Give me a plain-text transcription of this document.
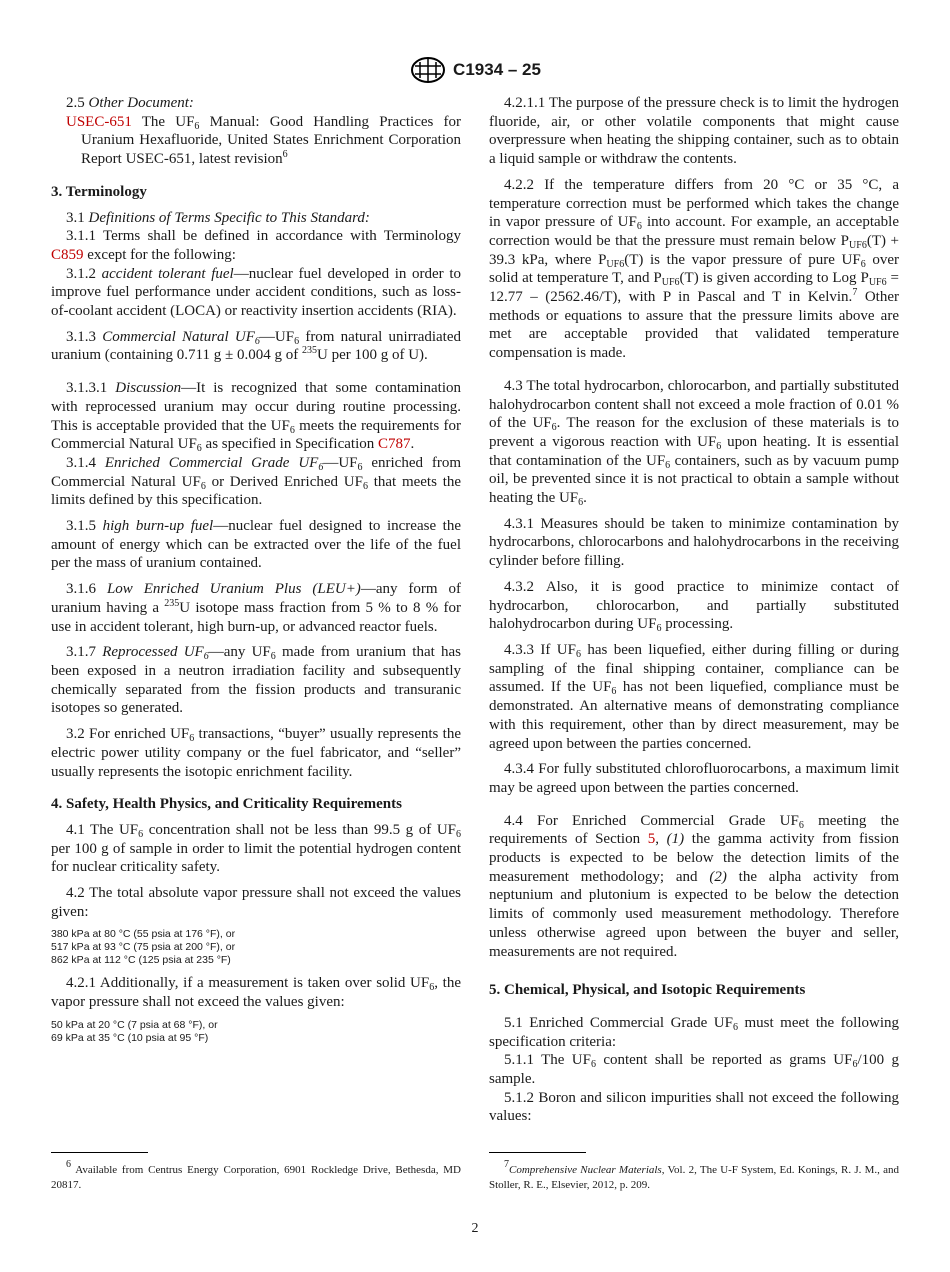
C1934 – 25

2.5 Other Document:

USEC-651 The $UF_6$ Manual: Good Handling Practices for Uranium Hexafluoride, United States Enrichment Corporation Report USEC-651, latest revision$^6$

3. Terminology

3.1 Definitions of Terms Specific to This Standard:

3.1.1 Terms shall be defined in accordance with Terminology C859 except for the following:

3.1.2 accident tolerant fuel—nuclear fuel developed in order to improve fuel performance under accident conditions, such as loss-of-coolant accident (LOCA) or reactivity insertion accidents (RIA).

3.1.3 Commercial Natural $UF_6—UF_6$ from natural unirradiated uranium (containing 0.711 g ± 0.004 g of $^{235}$U per 100 g of U).

3.1.3.1 Discussion—It is recognized that some contamination with reprocessed uranium may occur during routine processing. This is acceptable provided that the $UF_6$ meets the requirements for Commercial Natural $UF_6$ as specified in Specification C787.

3.1.4 Enriched Commercial Grade $UF_6—UF_6$ enriched from Commercial Natural $UF_6$ or Derived Enriched $UF_6$ that meets the limits defined by this specification.

3.1.5 high burn-up fuel—nuclear fuel designed to increase the amount of energy which can be extracted over the life of the fuel per the mass of uranium contained.

3.1.6 Low Enriched Uranium Plus (LEU+)—any form of uranium having a $^{235}$U isotope mass fraction from 5 % to 8 % for use in accident tolerant, high burn-up, or advanced reactor fuels.

3.1.7 Reprocessed $UF_6—any$ $UF_6$ made from uranium that has been exposed in a neutron irradiation facility and subsequently chemically separated from the fission products and transuranic isotopes so generated.

3.2 For enriched $UF_6$ transactions, “buyer” usually represents the electric power utility company or the fuel fabricator, and “seller” usually represents the isotopic enrichment facility.

4. Safety, Health Physics, and Criticality Requirements

4.1 The $UF_6$ concentration shall not be less than 99.5 g of $UF_6$ per 100 g of sample in order to limit the potential hydrogen content for nuclear criticality safety.

4.2 The total absolute vapor pressure shall not exceed the values given:

380 kPa at 80 °C (55 psia at 176 °F), or
517 kPa at 93 °C (75 psia at 200 °F), or
862 kPa at 112 °C (125 psia at 235 °F)

4.2.1 Additionally, if a measurement is taken over solid $UF_6$, the vapor pressure shall not exceed the values given:

50 kPa at 20 °C (7 psia at 68 °F), or
69 kPa at 35 °C (10 psia at 95 °F)

4.2.1.1 The purpose of the pressure check is to limit the hydrogen fluoride, air, or other volatile components that might cause overpressure when heating the shipping container, such as to obtain a liquid sample or withdraw the contents.

4.2.2 If the temperature differs from 20 °C or 35 °C, a temperature correction must be performed which takes the change in vapor pressure of $UF_6$ into account. For example, an acceptable correction would be that the pressure must remain below $P_{UF6}(T) + 39.3$ kPa, where $P_{UF6}(T)$ is the vapor pressure of pure $UF_6$ over solid at temperature T, and $P_{UF6}(T)$ is given according to Log $P_{UF6} = 12.77 - (2562.46/T)$, with P in Pascal and T in Kelvin.$^7$ Other methods or equations to assure that the pressure limits above are met are acceptable provided that validated temperature compensation is made.

4.3 The total hydrocarbon, chlorocarbon, and partially substituted halohydrocarbon content shall not exceed a mole fraction of 0.01 % of the $UF_6$. The reason for the exclusion of these materials is to prevent a vigorous reaction with $UF_6$ upon heating. It is essential that contamination of the $UF_6$ containers, such as by vacuum pump oil, be prevented since it is not practical to obtain a sample without heating the $UF_6$.

4.3.1 Measures should be taken to minimize contamination by hydrocarbons, chlorocarbons and halohydrocarbons in the receiving cylinder before filling.

4.3.2 Also, it is good practice to minimize contact of hydrocarbon, chlorocarbon, and partially substituted halohydrocarbon during $UF_6$ processing.

4.3.3 If $UF_6$ has been liquefied, either during filling or during sampling of the final shipping container, compliance can be assumed. If the $UF_6$ has not been liquefied, compliance must be demonstrated. An alternative means of demonstrating compliance with this requirement, other than by direct measurement, may be agreed upon between the parties concerned.

4.3.4 For fully substituted chlorofluorocarbons, a maximum limit may be agreed upon between the parties concerned.

4.4 For Enriched Commercial Grade $UF_6$ meeting the requirements of Section 5, (1) the gamma activity from fission products is expected to be below the detection limits of the measurement methodology; and (2) the alpha activity from neptunium and plutonium is expected to be below the detection limits of commonly used measurement methodology. Therefore unless otherwise agreed upon between the buyer and seller, measurements are not required.

5. Chemical, Physical, and Isotopic Requirements

5.1 Enriched Commercial Grade $UF_6$ must meet the following specification criteria:

5.1.1 The $UF_6$ content shall be reported as grams $UF_6/100$ g sample.

5.1.2 Boron and silicon impurities shall not exceed the following values:

$^6$ Available from Centrus Energy Corporation, 6901 Rockledge Drive, Bethesda, MD 20817.
$^7$Comprehensive Nuclear Materials, Vol. 2, The U-F System, Ed. Konings, R. J. M., and Stoller, R. E., Elsevier, 2012, p. 209.
2
